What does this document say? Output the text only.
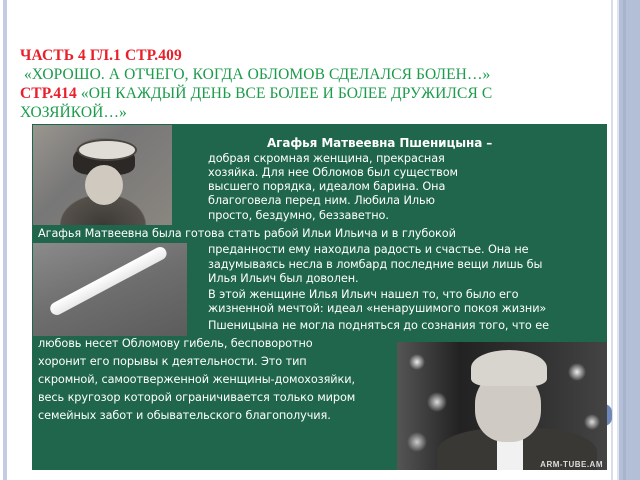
ЧАСТЬ 4 ГЛ.1 СТР.409
«ХОРОШО. А ОТЧЕГО, КОГДА ОБЛОМОВ СДЕЛАЛСЯ БОЛЕН…»
СТР.414 «ОН КАЖДЫЙ ДЕНЬ ВСЕ БОЛЕЕ И БОЛЕЕ ДРУЖИЛСЯ С
ХОЗЯЙКОЙ…»
ARM-TUBE.AM
Агафья Матвеевна Пшеницына –
добрая скромная женщина, прекрасная
хозяйка. Для нее Обломов был существом
высшего порядка, идеалом барина. Она
благоговела перед ним. Любила Илью
просто, бездумно, беззаветно.
Агафья Матвеевна была готова стать рабой Ильи Ильича и в глубокой
преданности ему находила радость и счастье. Она не
задумываясь несла в ломбард последние вещи лишь бы
Илья Ильич был доволен.
В этой женщине Илья Ильич нашел то, что было его
жизненной мечтой: идеал «ненарушимого покоя жизни»
Пшеницына не могла подняться до сознания того, что ее
любовь несет Обломову гибель, бесповоротно
хоронит его порывы к деятельности. Это тип
скромной, самоотверженной женщины-домохозяйки,
весь кругозор которой ограничивается только миром
семейных забот и обывательского благополучия.
